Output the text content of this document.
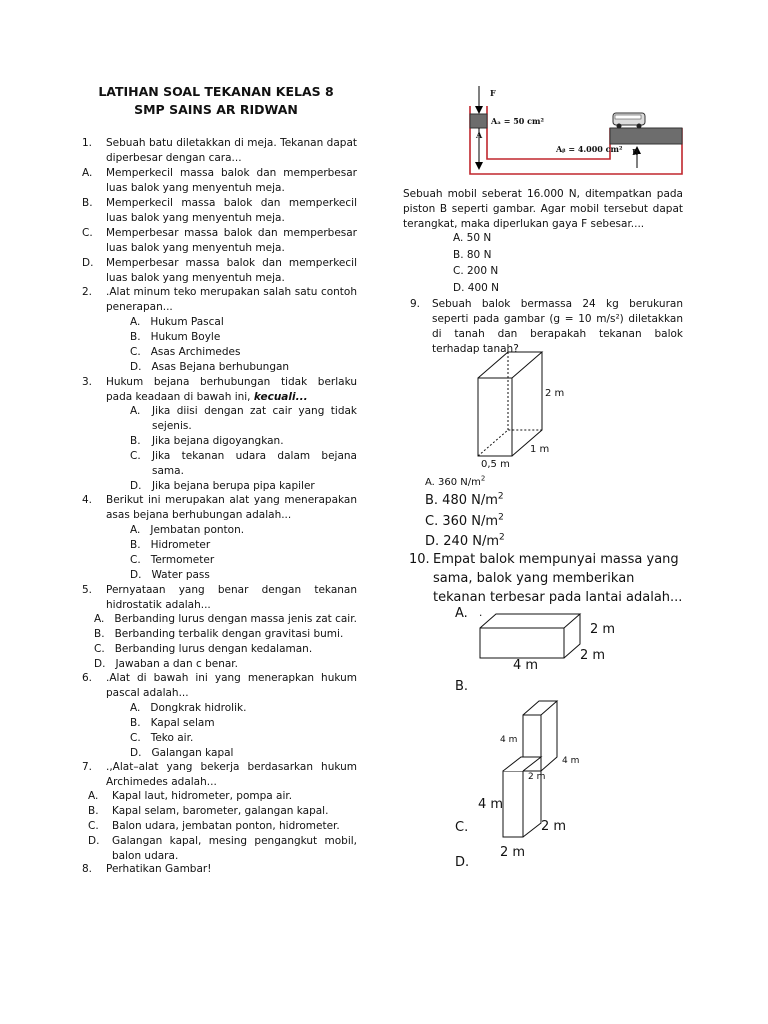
LATIHAN SOAL TEKANAN KELAS 8
SMP SAINS AR RIDWAN
1.	Sebuah batu diletakkan di meja. Tekanan dapat diperbesar dengan cara...
A. Memperkecil massa balok dan memperbesar luas balok yang menyentuh meja.
B. Memperkecil massa balok dan memperkecil luas balok yang menyentuh meja.
C. Memperbesar massa balok dan memperbesar luas balok yang menyentuh meja.
D. Memperbesar massa balok dan memperkecil luas balok yang menyentuh meja.
2.	.Alat minum teko merupakan salah satu contoh penerapan...
A. Hukum Pascal
B. Hukum Boyle
C. Asas Archimedes
D. Asas Bejana berhubungan
3.	Hukum bejana berhubungan tidak berlaku pada keadaan di bawah ini, kecuali...
A. Jika diisi dengan zat cair yang tidak sejenis.
B. Jika bejana digoyangkan.
C. Jika tekanan udara dalam bejana sama.
D. Jika bejana berupa pipa kapiler
4.	Berikut ini merupakan alat yang menerapakan asas bejana berhubungan adalah...
A. Jembatan ponton.
B. Hidrometer
C. Termometer
D. Water pass
5.	Pernyataan yang benar dengan tekanan hidrostatik adalah...
A. Berbanding lurus dengan massa jenis zat cair.
B. Berbanding terbalik dengan gravitasi bumi.
C. Berbanding lurus dengan kedalaman.
D. Jawaban a dan c benar.
6.	.Alat di bawah ini yang menerapkan hukum pascal adalah...
A. Dongkrak hidrolik.
B. Kapal selam
C. Teko air.
D. Galangan kapal
7.	.,Alat–alat yang bekerja berdasarkan hukum Archimedes adalah...
A. Kapal laut, hidrometer, pompa air.
B. Kapal selam, barometer, galangan kapal.
C. Balon udara, jembatan ponton, hidrometer.
D. Galangan kapal, mesing pengangkut mobil, balon udara.
8.	Perhatikan Gambar!
F
Aₐ = 50 cm²
A
Aᵦ = 4.000 cm² B
Sebuah mobil seberat 16.000 N, ditempatkan pada piston B seperti gambar. Agar mobil tersebut dapat terangkat, maka diperlukan gaya F sebesar....
A. 50 N
B. 80 N
C. 200 N
D. 400 N
9. Sebuah balok bermassa 24 kg berukuran seperti pada gambar (g = 10 m/s²) diletakkan di tanah dan berapakah tekanan balok terhadap tanah?
2 m
1 m
0,5 m
A. 360 $N/m^2$
B. 480 $N/m^2$
C. 360 $N/m^2$
D. 240 $N/m^2$
10. Empat balok mempunyai massa yang sama, balok yang memberikan tekanan terbesar pada lantai adalah...
A. .
2 m
2 m
4 m
B.
4 m
4 m
2 m
4 m
2 m
2 m
C.
D.
